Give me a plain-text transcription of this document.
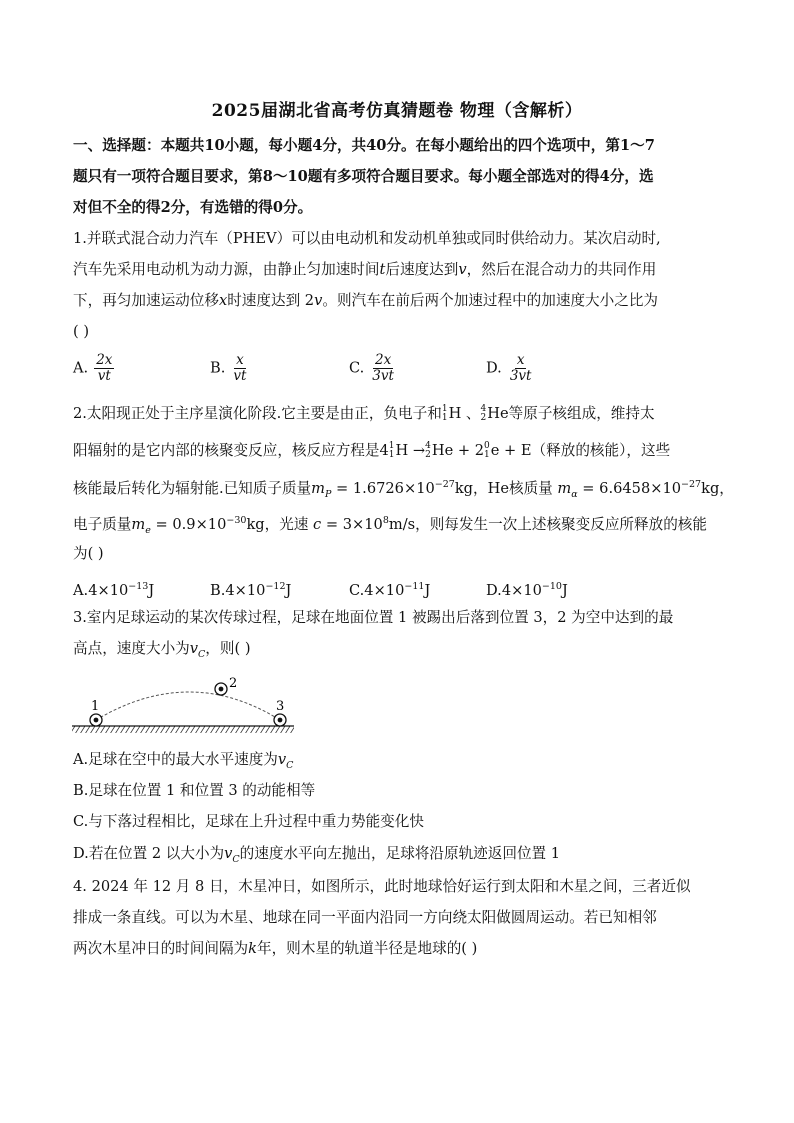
2025届湖北省高考仿真猜题卷 物理（含解析）
一、选择题：本题共10小题，每小题4分，共40分。在每小题给出的四个选项中，第1～7
题只有一项符合题目要求，第8～10题有多项符合题目要求。每小题全部选对的得4分，选
对但不全的得2分，有选错的得0分。
1.并联式混合动力汽车（PHEV）可以由电动机和发动机单独或同时供给动力。某次启动时,
汽车先采用电动机为动力源，由静止匀加速时间t后速度达到v，然后在混合动力的共同作用
下，再匀加速运动位移x时速度达到 2v。则汽车在前后两个加速过程中的加速度大小之比为
( )
A. $\frac{2x}{vt}$	B. $\frac{x}{vt}$	C. $\frac{2x}{3vt}$	D. $\frac{x}{3vt}$
2.太阳现正处于主序星演化阶段.它主要是由正，负电子和 1
1 H 、 4
2 He等原子核组成，维持太
阳辐射的是它内部的核聚变反应，核反应方程是4 1
1 H → 4
2 He + 2 0
1 e + E（释放的核能），这些
核能最后转化为辐射能.已知质子质量$m_P = 1.6726\times 10^{-27}kg$，He核质量 $m_\alpha = 6.6458\times 10^{-27}kg$，
电子质量$m_e = 0.9\times 10^{-30}kg$，光速 $c = 3\times 10^8m/s$，则每发生一次上述核聚变反应所释放的核能
为( )
$A.4\times 10^{-13}J$	$B.4\times 10^{-12}J$	$C.4\times 10^{-11}J$	$D.4\times 10^{-10}J$
3.室内足球运动的某次传球过程，足球在地面位置 1 被踢出后落到位置 3，2 为空中达到的最
高点，速度大小为$v_C$，则( )
1
2
3
A.足球在空中的最大水平速度为$v_C$
B.足球在位置 1 和位置 3 的动能相等
C.与下落过程相比，足球在上升过程中重力势能变化快
D.若在位置 2 以大小为$v_C$的速度水平向左抛出，足球将沿原轨迹返回位置 1
4. 2024 年 12 月 8 日，木星冲日，如图所示，此时地球恰好运行到太阳和木星之间，三者近似
排成一条直线。可以为木星、地球在同一平面内沿同一方向绕太阳做圆周运动。若已知相邻
两次木星冲日的时间间隔为k年，则木星的轨道半径是地球的( )
